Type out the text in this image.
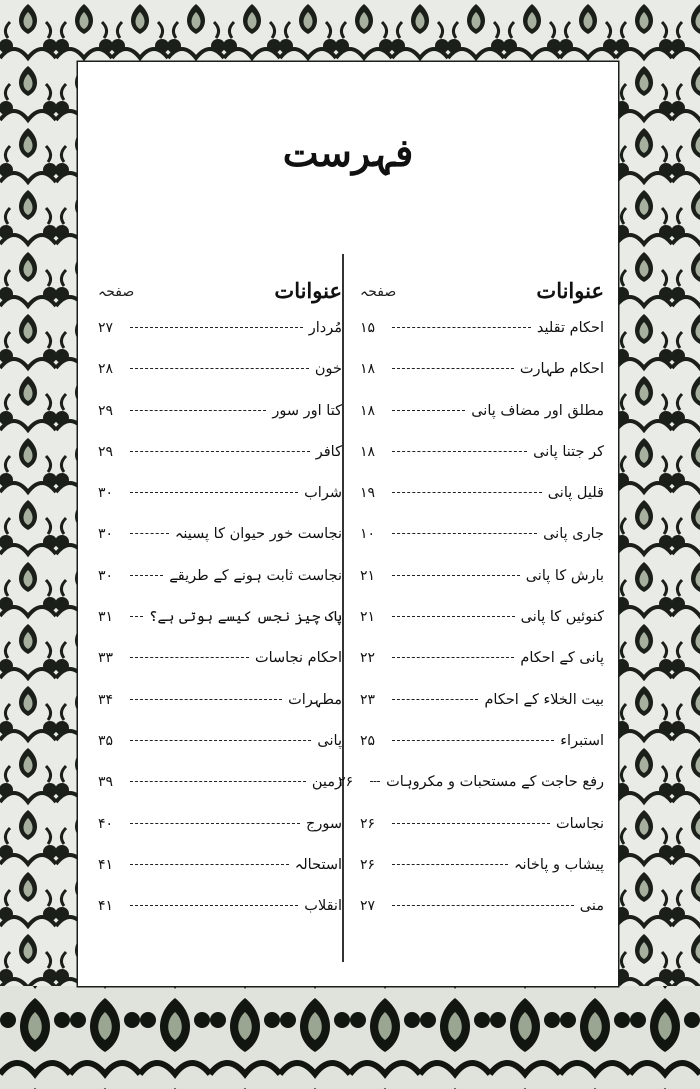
فہرست
عنوانات
صفحہ
احکام تقلید
۱۵
احکام طہارت
۱۸
مطلق اور مضاف پانی
۱۸
کر جتنا پانی
۱۸
قلیل پانی
۱۹
جاری پانی
۱۰
بارش کا پانی
۲۱
کنوئیں کا پانی
۲۱
پانی کے احکام
۲۲
بیت الخلاء کے احکام
۲۳
استبراء
۲۵
رفع حاجت کے مستحبات و مکروہات
۲۶
نجاسات
۲۶
پیشاب و پاخانہ
۲۶
منی
۲۷
عنوانات
صفحہ
مُردار
۲۷
خون
۲۸
کتا اور سور
۲۹
کافر
۲۹
شراب
۳۰
نجاست خور حیوان کا پسینہ
۳۰
نجاست ثابت ہونے کے طریقے
۳۰
پاک چیز نجس کیسے ہوتی ہے؟
۳۱
احکام نجاسات
۳۳
مطہرات
۳۴
پانی
۳۵
زمین
۳۹
سورج
۴۰
استحالہ
۴۱
انقلاب
۴۱
